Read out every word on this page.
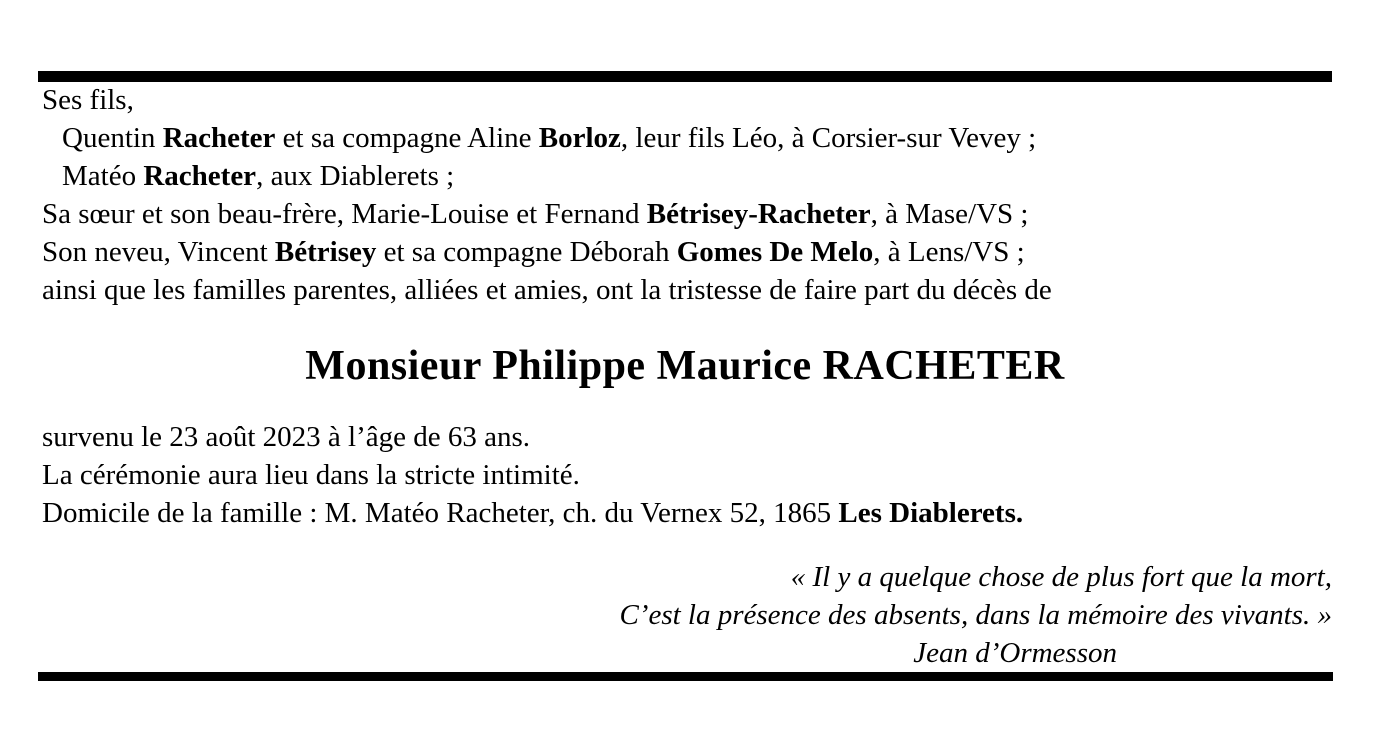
Ses fils,
Quentin Racheter et sa compagne Aline Borloz, leur fils Léo, à Corsier-sur Vevey ;
Matéo Racheter, aux Diablerets ;
Sa sœur et son beau-frère, Marie-Louise et Fernand Bétrisey-Racheter, à Mase/VS ;
Son neveu, Vincent Bétrisey et sa compagne Déborah Gomes De Melo, à Lens/VS ;
ainsi que les familles parentes, alliées et amies, ont la tristesse de faire part du décès de
Monsieur Philippe Maurice RACHETER
survenu le 23 août 2023 à l’âge de 63 ans.
La cérémonie aura lieu dans la stricte intimité.
Domicile de la famille : M. Matéo Racheter, ch. du Vernex 52, 1865 Les Diablerets.
« Il y a quelque chose de plus fort que la mort,
C’est la présence des absents, dans la mémoire des vivants. »
Jean d’Ormesson
